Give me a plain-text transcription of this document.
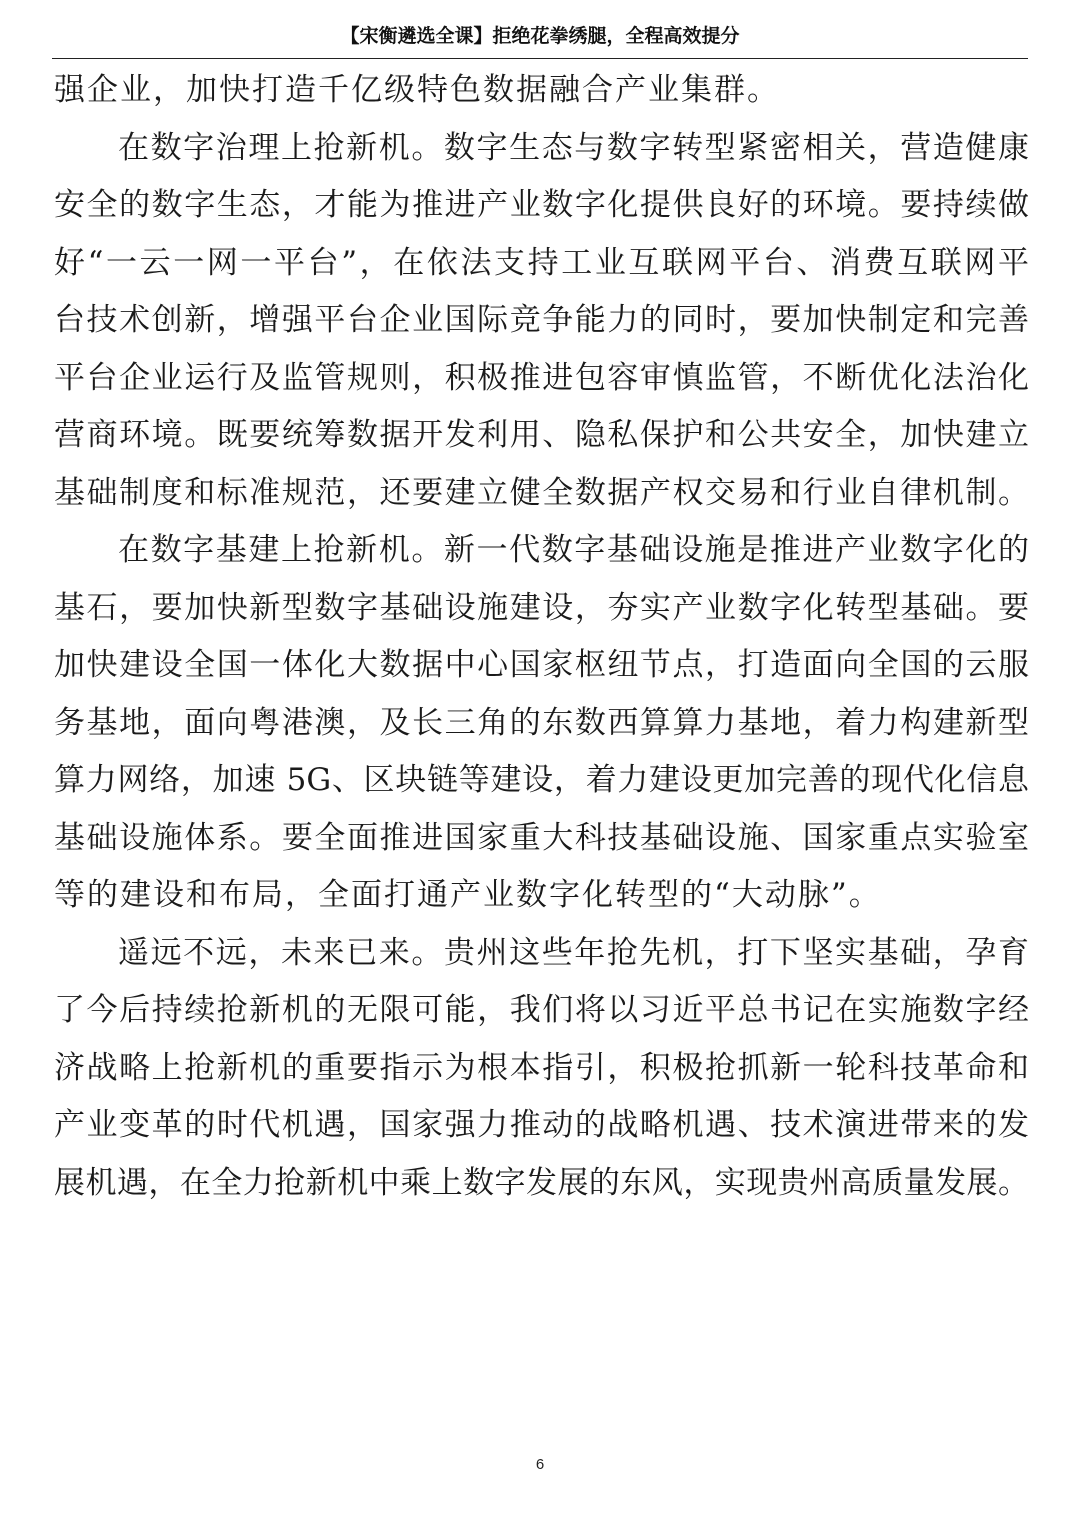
【宋衡遴选全课】拒绝花拳绣腿，全程高效提分
强企业，加快打造千亿级特色数据融合产业集群。
在数字治理上抢新机。数字生态与数字转型紧密相关，营造健康
安全的数字生态，才能为推进产业数字化提供良好的环境。要持续做
好“一云一网一平台”，在依法支持工业互联网平台、消费互联网平
台技术创新，增强平台企业国际竞争能力的同时，要加快制定和完善
平台企业运行及监管规则，积极推进包容审慎监管，不断优化法治化
营商环境。既要统筹数据开发利用、隐私保护和公共安全，加快建立
基础制度和标准规范，还要建立健全数据产权交易和行业自律机制。
在数字基建上抢新机。新一代数字基础设施是推进产业数字化的
基石，要加快新型数字基础设施建设，夯实产业数字化转型基础。要
加快建设全国一体化大数据中心国家枢纽节点，打造面向全国的云服
务基地，面向粤港澳，及长三角的东数西算算力基地，着力构建新型
算力网络，加速 5G、区块链等建设，着力建设更加完善的现代化信息
基础设施体系。要全面推进国家重大科技基础设施、国家重点实验室
等的建设和布局，全面打通产业数字化转型的“大动脉”。
遥远不远，未来已来。贵州这些年抢先机，打下坚实基础，孕育
了今后持续抢新机的无限可能，我们将以习近平总书记在实施数字经
济战略上抢新机的重要指示为根本指引，积极抢抓新一轮科技革命和
产业变革的时代机遇，国家强力推动的战略机遇、技术演进带来的发
展机遇，在全力抢新机中乘上数字发展的东风，实现贵州高质量发展。
6
